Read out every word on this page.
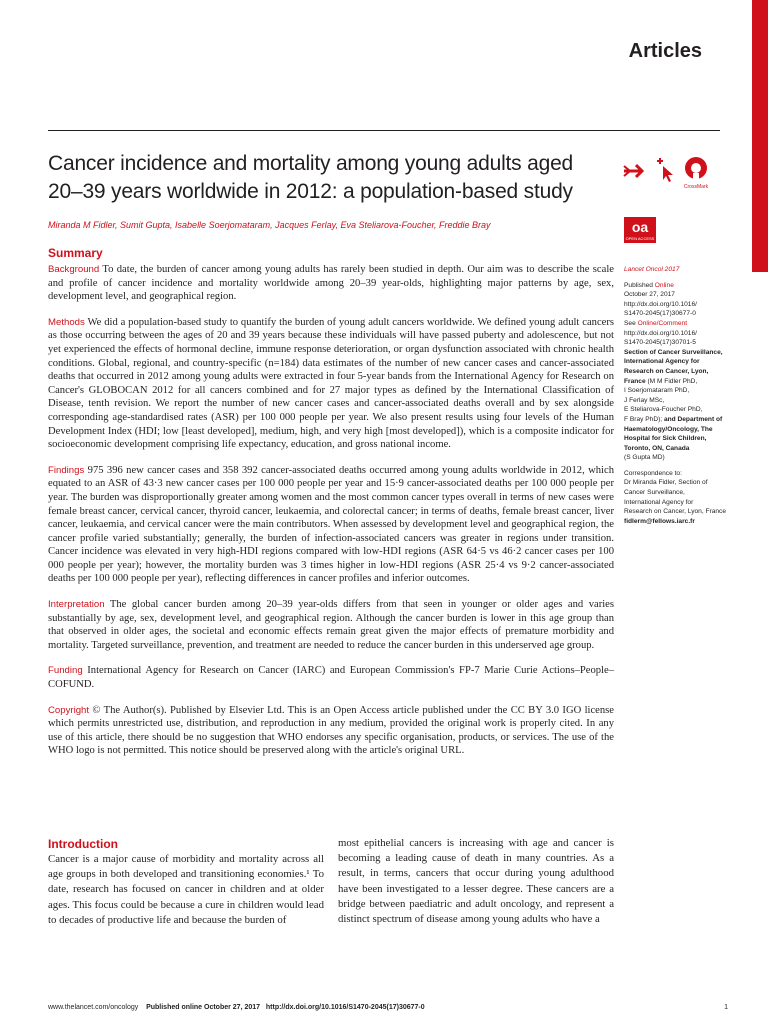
Articles
Cancer incidence and mortality among young adults aged 20–39 years worldwide in 2012: a population-based study	CrossMark
oa
OPEN ACCESS
Miranda M Fidler, Sumit Gupta, Isabelle Soerjomataram, Jacques Ferlay, Eva Steliarova-Foucher, Freddie Bray
Summary

Background To date, the burden of cancer among young adults has rarely been studied in depth. Our aim was to describe the scale and profile of cancer incidence and mortality worldwide among 20–39 year-olds, highlighting major patterns by age, sex, development level, and geographical region.

Methods We did a population-based study to quantify the burden of young adult cancers worldwide. We defined young adult cancers as those occurring between the ages of 20 and 39 years because these individuals will have passed puberty and adolescence, but not yet experienced the effects of hormonal decline, immune response deterioration, or organ dysfunction associated with chronic health conditions. Global, regional, and country-specific (n=184) data estimates of the number of new cancer cases and cancer-associated deaths that occurred in 2012 among young adults were extracted in four 5-year bands from the International Agency for Research on Cancer's GLOBOCAN 2012 for all cancers combined and for 27 major types as defined by the International Classification of Disease, tenth revision. We report the number of new cancer cases and cancer-associated deaths overall and by sex alongside corresponding age-standardised rates (ASR) per 100 000 people per year. We also present results using four levels of the Human Development Index (HDI; low [least developed], medium, high, and very high [most developed]), which is a composite indicator for socioeconomic development comprising life expectancy, education, and gross national income.

Findings 975 396 new cancer cases and 358 392 cancer-associated deaths occurred among young adults worldwide in 2012, which equated to an ASR of 43·3 new cancer cases per 100 000 people per year and 15·9 cancer-associated deaths per 100 000 people per year. The burden was disproportionally greater among women and the most common cancer types overall in terms of new cases were female breast cancer, cervical cancer, thyroid cancer, leukaemia, and colorectal cancer; in terms of deaths, female breast cancer, liver cancer, leukaemia, and cervical cancer were the main contributors. When assessed by development level and geographical region, the cancer profile varied substantially; generally, the burden of infection-associated cancers was greater in regions under transition. Cancer incidence was elevated in very high-HDI regions compared with low-HDI regions (ASR 64·5 vs 46·2 cancer cases per 100 000 people per year); however, the mortality burden was 3 times higher in low-HDI regions (ASR 25·4 vs 9·2 cancer-associated deaths per 100 000 people per year), reflecting differences in cancer profiles and inferior outcomes.

Interpretation The global cancer burden among 20–39 year-olds differs from that seen in younger or older ages and varies substantially by age, sex, development level, and geographical region. Although the cancer burden is lower in this age group than that observed in older ages, the societal and economic effects remain great given the major effects of premature morbidity and mortality. Targeted surveillance, prevention, and treatment are needed to reduce the cancer burden in this underserved age group.

Funding International Agency for Research on Cancer (IARC) and European Commission's FP-7 Marie Curie Actions–People–COFUND.

Copyright © The Author(s). Published by Elsevier Ltd. This is an Open Access article published under the CC BY 3.0 IGO license which permits unrestricted use, distribution, and reproduction in any medium, provided the original work is properly cited. In any use of this article, there should be no suggestion that WHO endorses any specific organisation, products, or services. The use of the WHO logo is not permitted. This notice should be preserved along with the article's original URL.

Lancet Oncol 2017
Published Online
October 27, 2017
http://dx.doi.org/10.1016/
S1470-2045(17)30677-0
See Online/Comment
http://dx.doi.org/10.1016/
S1470-2045(17)30701-5
Section of Cancer Surveillance,
International Agency for
Research on Cancer, Lyon,
France (M M Fidler PhD,
I Soerjomataram PhD,
J Ferlay MSc,
E Steliarova-Foucher PhD,
F Bray PhD); and Department of
Haematology/Oncology, The
Hospital for Sick Children,
Toronto, ON, Canada
(S Gupta MD)
Correspondence to:
Dr Miranda Fidler, Section of
Cancer Surveillance,
International Agency for
Research on Cancer, Lyon, France
fidlerm@fellows.iarc.fr
Introduction
Cancer is a major cause of morbidity and mortality across all age groups in both developed and transitioning economies.¹ To date, research has focused on cancer in children and at older ages. This focus could be because a cure in children would lead to decades of productive life and because the burden of
most epithelial cancers is increasing with age and cancer is becoming a leading cause of death in many countries. As a result, in terms, cancers that occur during young adulthood have been investigated to a lesser degree. These cancers are a bridge between paediatric and adult oncology, and represent a distinct spectrum of disease among young adults who have a
www.thelancet.com/oncology Published online October 27, 2017 http://dx.doi.org/10.1016/S1470-2045(17)30677-0	1
